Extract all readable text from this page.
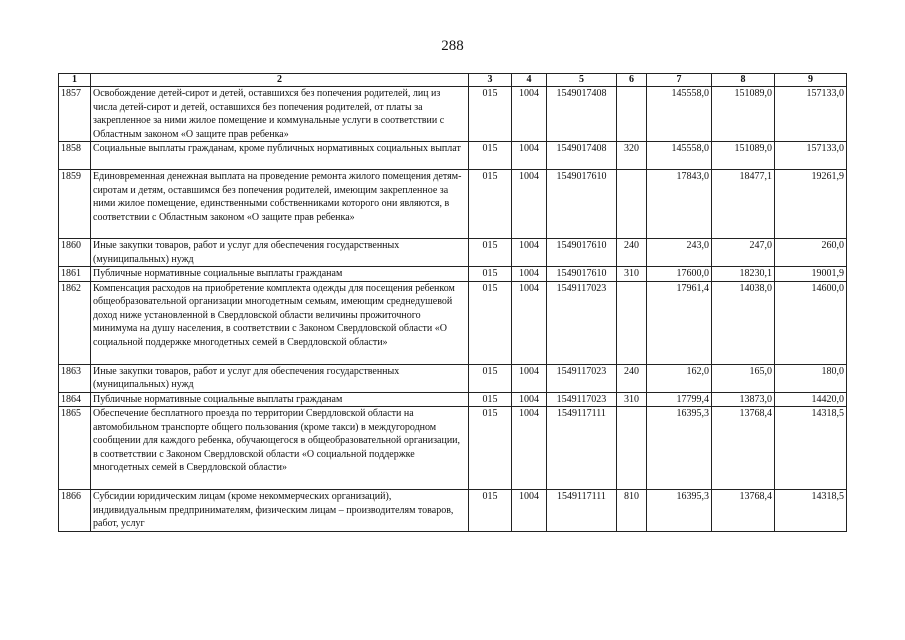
288
1	2	3	4	5	6	7	8	9
1857	Освобождение детей-сирот и детей, оставшихся без попечения родителей, лиц из числа детей-сирот и детей, оставшихся без попечения родителей, от платы за закрепленное за ними жилое помещение и коммунальные услуги в соответствии с Областным законом «О защите прав ребенка»	015	1004	1549017408		145558,0	151089,0	157133,0
1858	Социальные выплаты гражданам, кроме публичных нормативных социальных выплат	015	1004	1549017408	320	145558,0	151089,0	157133,0
1859	Единовременная денежная выплата на проведение ремонта жилого помещения детям-сиротам и детям, оставшимся без попечения родителей, имеющим закрепленное за ними жилое помещение, единственными собственниками которого они являются, в соответствии с Областным законом «О защите прав ребенка»	015	1004	1549017610		17843,0	18477,1	19261,9
1860	Иные закупки товаров, работ и услуг для обеспечения государственных (муниципальных) нужд	015	1004	1549017610	240	243,0	247,0	260,0
1861	Публичные нормативные социальные выплаты гражданам	015	1004	1549017610	310	17600,0	18230,1	19001,9
1862	Компенсация расходов на приобретение комплекта одежды для посещения ребенком общеобразовательной организации многодетным семьям, имеющим среднедушевой доход ниже установленной в Свердловской области величины прожиточного минимума на душу населения, в соответствии с Законом Свердловской области «О социальной поддержке многодетных семей в Свердловской области»	015	1004	1549117023		17961,4	14038,0	14600,0
1863	Иные закупки товаров, работ и услуг для обеспечения государственных (муниципальных) нужд	015	1004	1549117023	240	162,0	165,0	180,0
1864	Публичные нормативные социальные выплаты гражданам	015	1004	1549117023	310	17799,4	13873,0	14420,0
1865	Обеспечение бесплатного проезда по территории Свердловской области на автомобильном транспорте общего пользования (кроме такси) в междугородном сообщении для каждого ребенка, обучающегося в общеобразовательной организации, в соответствии с Законом Свердловской области «О социальной поддержке многодетных семей в Свердловской области»	015	1004	1549117111		16395,3	13768,4	14318,5
1866	Субсидии юридическим лицам (кроме некоммерческих организаций), индивидуальным предпринимателям, физическим лицам – производителям товаров, работ, услуг	015	1004	1549117111	810	16395,3	13768,4	14318,5
